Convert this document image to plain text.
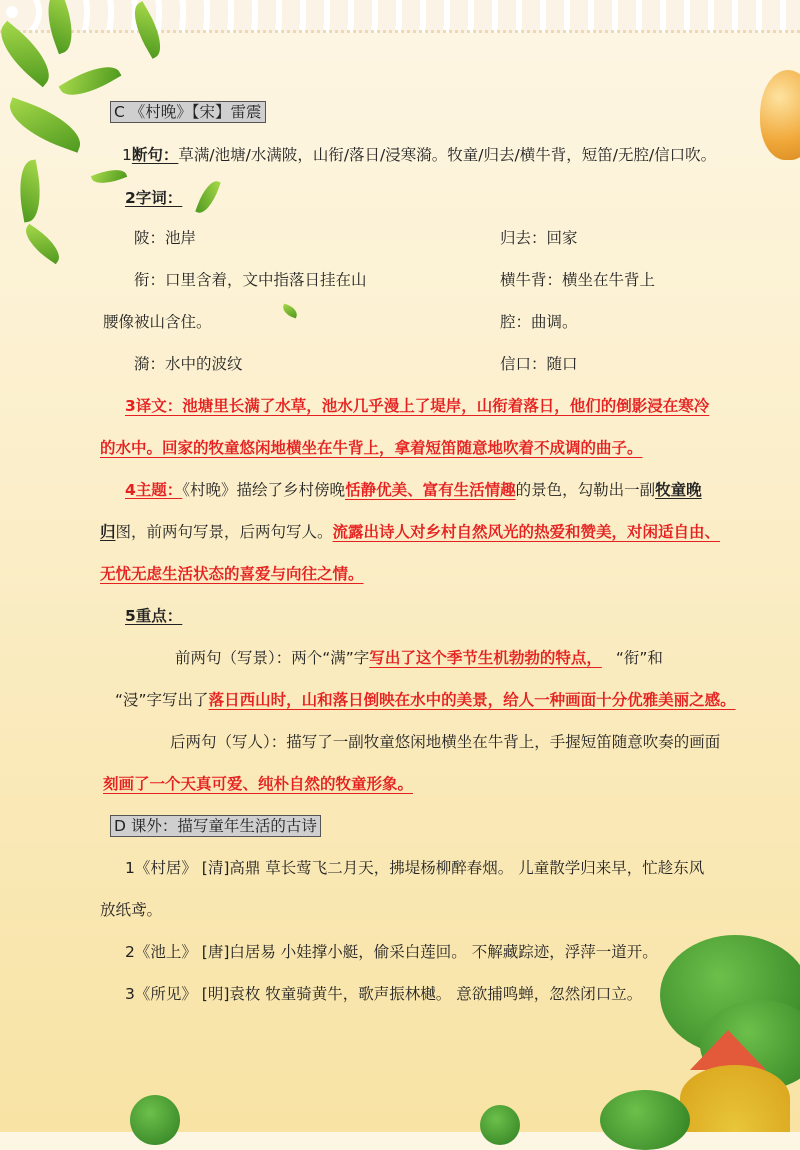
C 《村晚》【宋】雷震
1断句：草满/池塘/水满陂，山衔/落日/浸寒漪。牧童/归去/横牛背，短笛/无腔/信口吹。
2字词：
陂：池岸	归去：回家
衔：口里含着，文中指落日挂在山	横牛背：横坐在牛背上
腰像被山含住。	腔：曲调。
漪：水中的波纹	信口：随口
3译文：池塘里长满了水草，池水几乎漫上了堤岸，山衔着落日，他们的倒影浸在寒冷
的水中。回家的牧童悠闲地横坐在牛背上，拿着短笛随意地吹着不成调的曲子。
4主题：《村晚》描绘了乡村傍晚恬静优美、富有生活情趣的景色，勾勒出一副牧童晚
归图，前两句写景，后两句写人。流露出诗人对乡村自然风光的热爱和赞美，对闲适自由、
无忧无虑生活状态的喜爱与向往之情。
5重点：
前两句（写景）：两个“满”字写出了这个季节生机勃勃的特点， “衔”和
“浸”字写出了落日西山时，山和落日倒映在水中的美景，给人一种画面十分优雅美丽之感。
后两句（写人）：描写了一副牧童悠闲地横坐在牛背上，手握短笛随意吹奏的画面
刻画了一个天真可爱、纯朴自然的牧童形象。
D 课外：描写童年生活的古诗
1《村居》 [清]高鼎 草长莺飞二月天，拂堤杨柳醉春烟。 儿童散学归来早，忙趁东风
放纸鸢。
2《池上》 [唐]白居易 小娃撑小艇，偷采白莲回。 不解藏踪迹，浮萍一道开。
3《所见》 [明]袁枚 牧童骑黄牛，歌声振林樾。 意欲捕鸣蝉，忽然闭口立。
